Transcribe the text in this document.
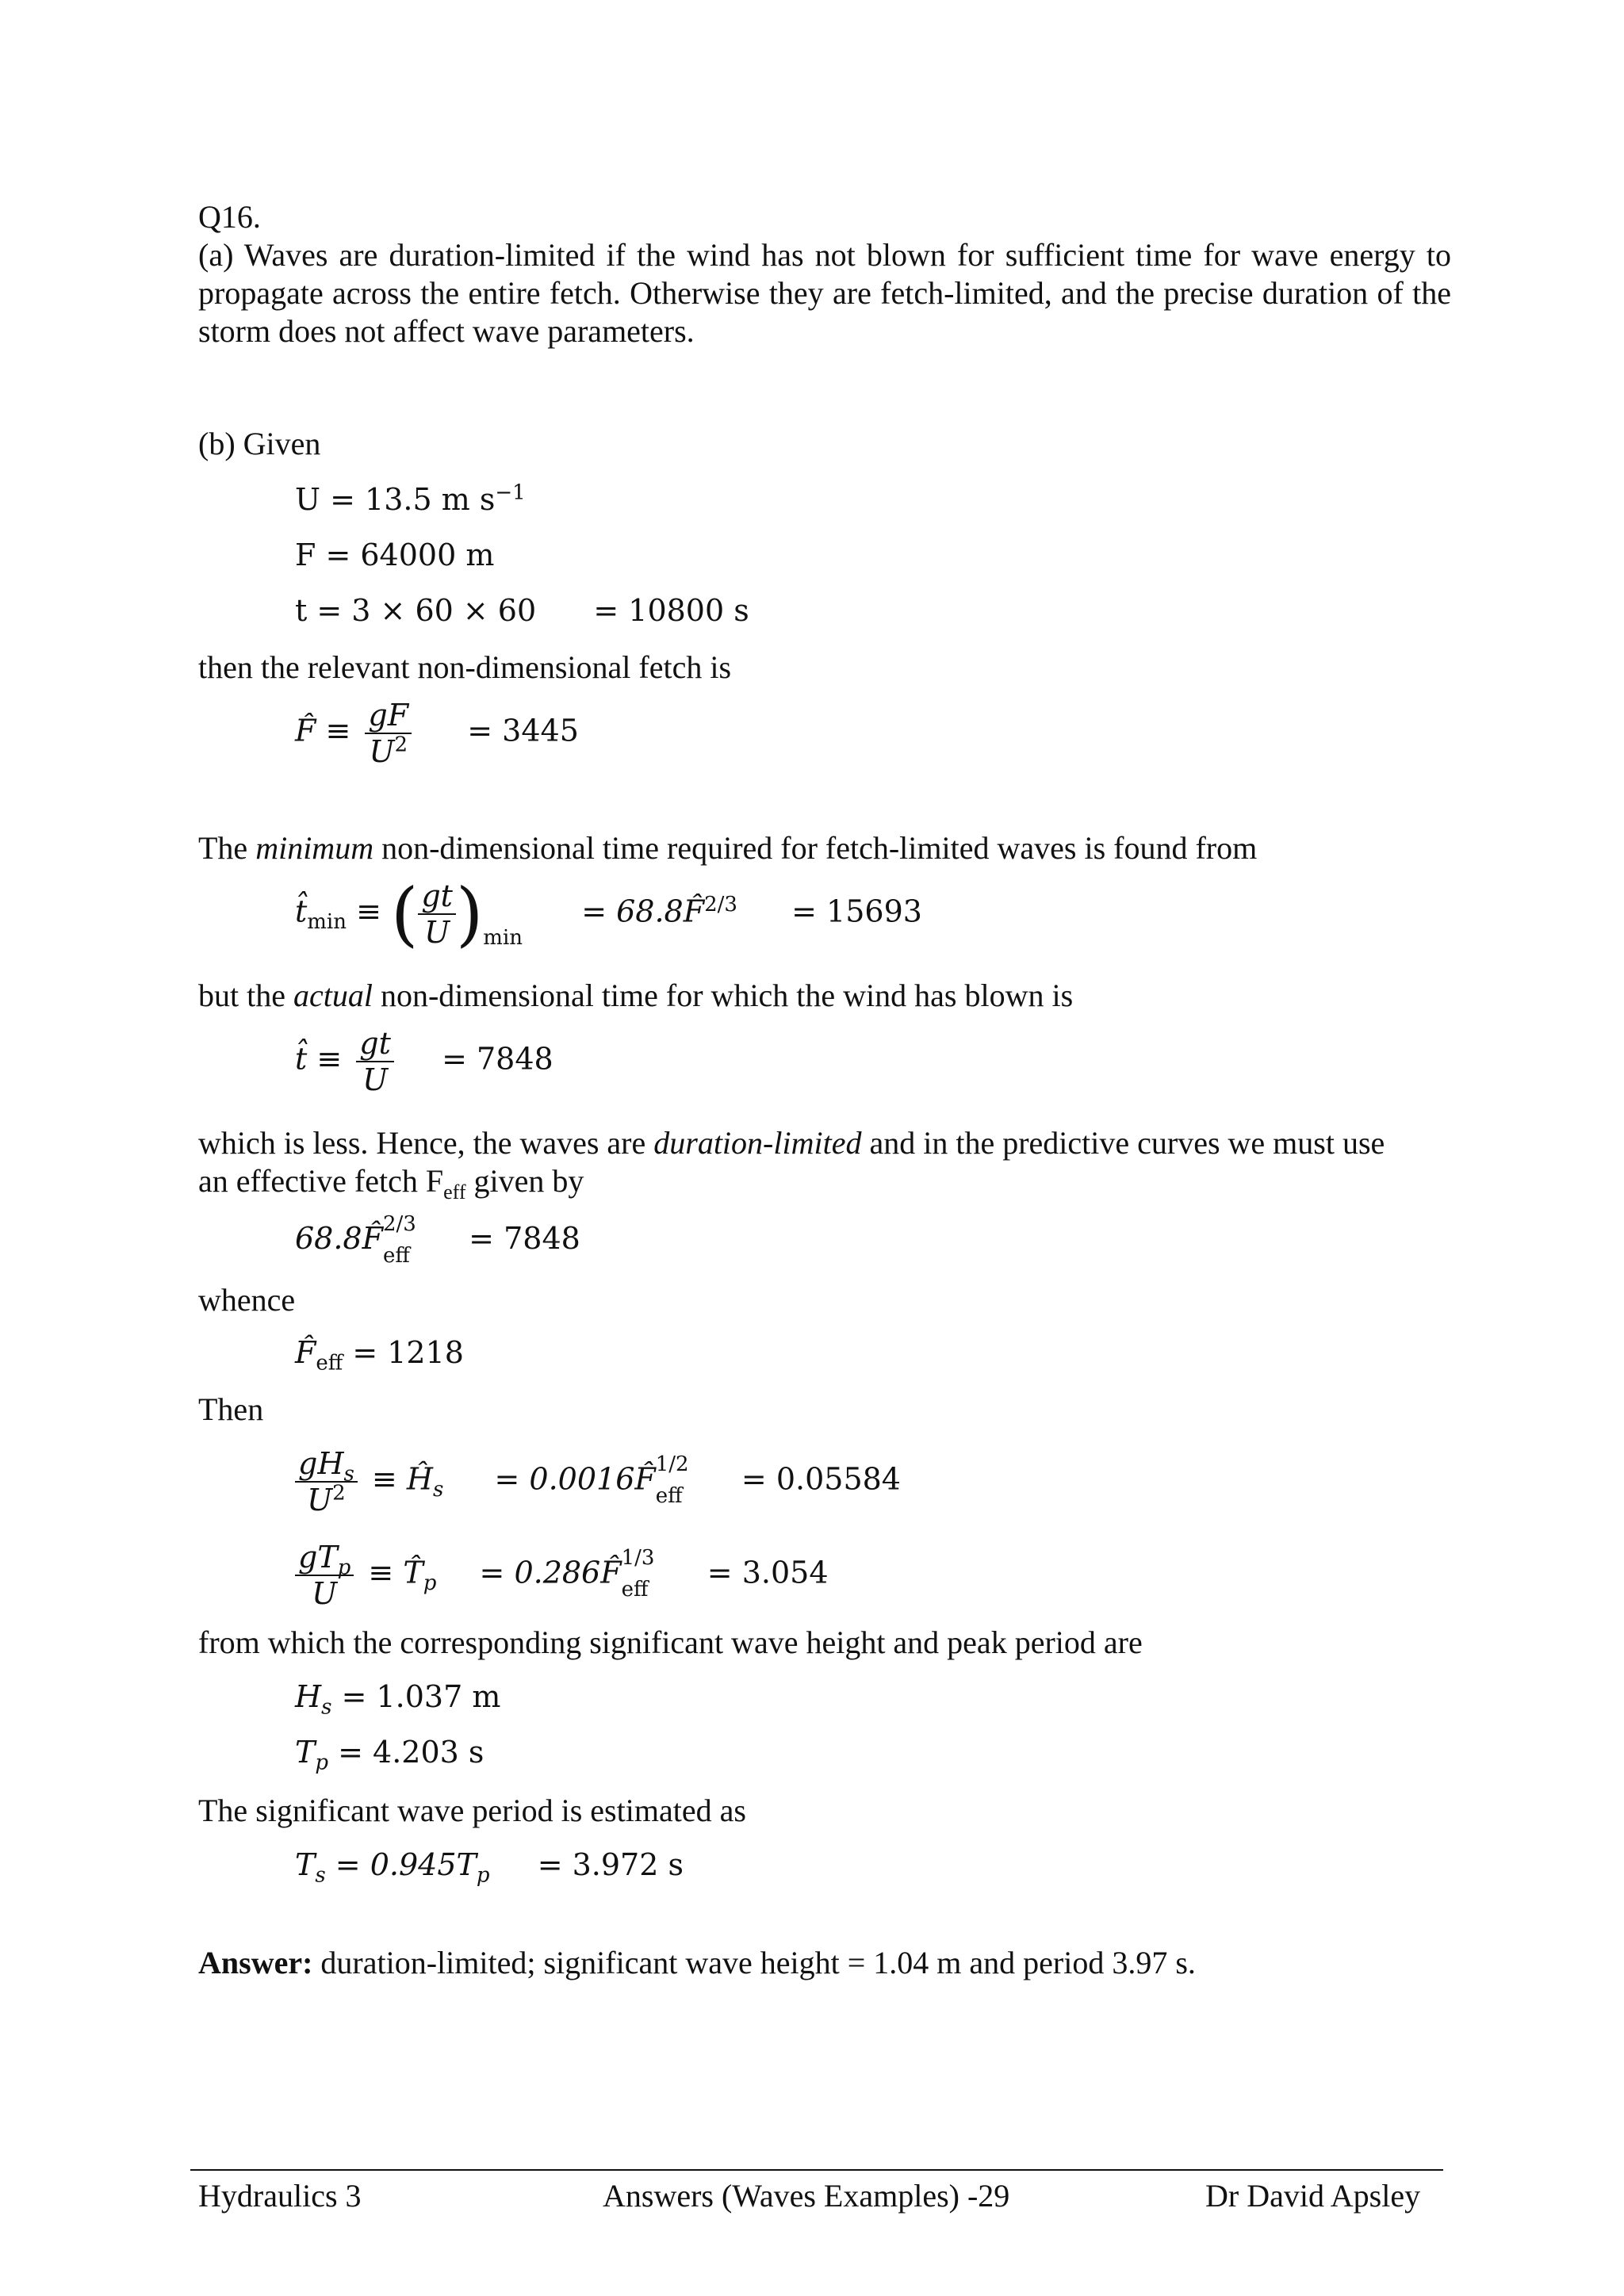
Q16.
(a) Waves are duration-limited if the wind has not blown for sufficient time for wave energy to propagate across the entire fetch. Otherwise they are fetch-limited, and the precise duration of the storm does not affect wave parameters.
(b) Given
U = 13.5 m $s^{-1}$
F = 64000 m
t = 3 × 60 × 60 = 10800 s
then the relevant non-dimensional fetch is
F̂ ≡ $\frac{gF}{U^2} = 3445$
The minimum non-dimensional time required for fetch-limited waves is found from
$t̂_{min}$ ≡ ( $\frac{gt}{U} )_{min}$  = 68.8F̂$^{2/3}$ = 15693
but the actual non-dimensional time for which the wind has blown is
t̂ ≡ $\frac{gt}{U} = 7848$
which is less. Hence, the waves are duration-limited and in the predictive curves we must use
an effective fetch $F_{eff}$ given by
68.8F̂ 2/3
eff = 7848
whence
$F̂_{eff} = 1218$
Then
$\frac{gH_s}{U^2}$ ≡ $Ĥ_s$ = 0.0016F̂ 1/2
eff = 0.05584
$\frac{gT_p}{U}$ ≡ $T̂_p$ = 0.286F̂ 1/3
eff = 3.054
from which the corresponding significant wave height and peak period are
$H_s = 1.037$ m
$T_p = 4.203$ s
The significant wave period is estimated as
$T_s = 0.945T_p = 3.972$ s
Answer: duration-limited; significant wave height = 1.04 m and period 3.97 s.
Hydraulics 3	Answers (Waves Examples) -29	Dr David Apsley
